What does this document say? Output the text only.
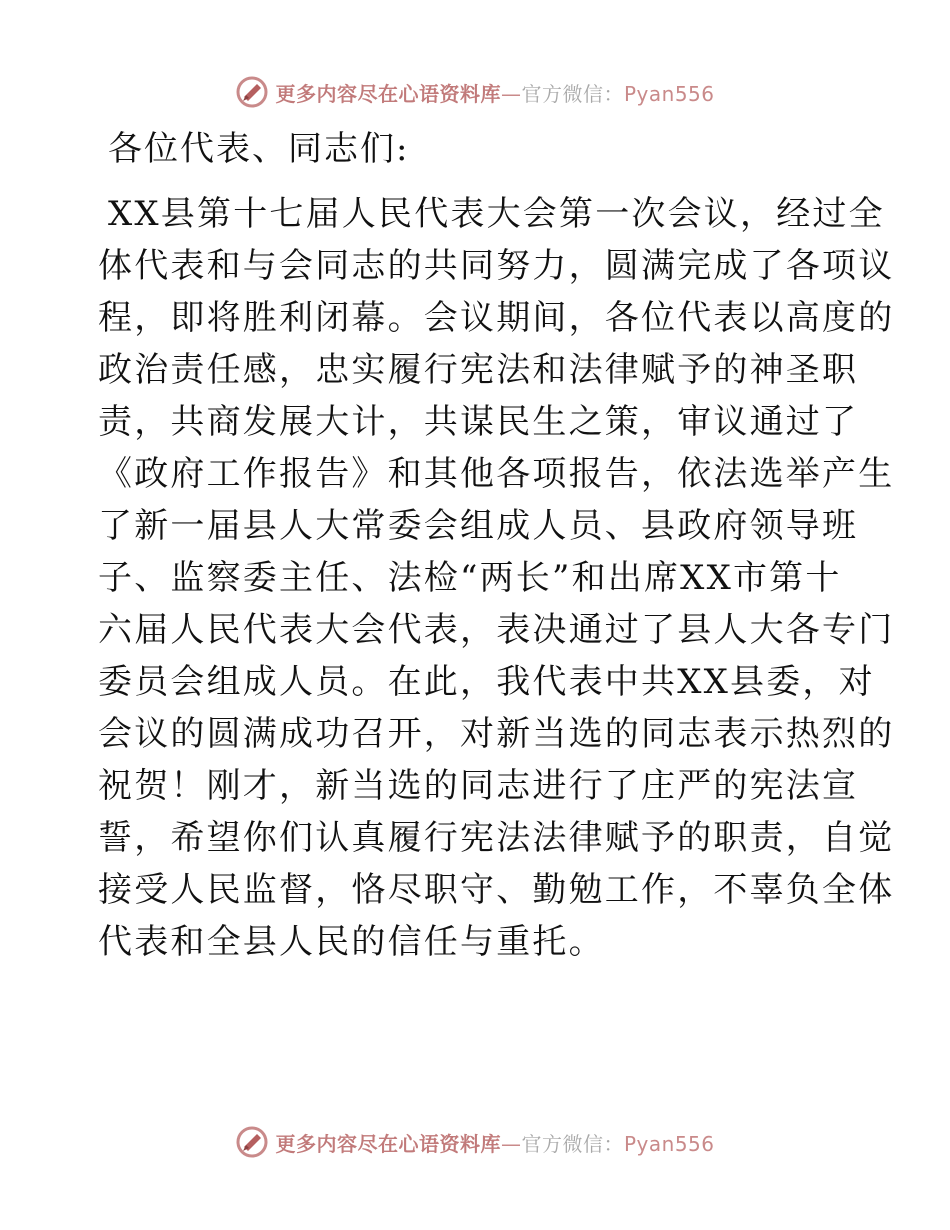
更多内容尽在心语资料库—官方微信：Pyan556
各位代表、同志们:
XX县第十七届人民代表大会第一次会议，经过全
体代表和与会同志的共同努力，圆满完成了各项议
程，即将胜利闭幕。会议期间，各位代表以高度的
政治责任感，忠实履行宪法和法律赋予的神圣职
责，共商发展大计，共谋民生之策，审议通过了
《政府工作报告》和其他各项报告，依法选举产生
了新一届县人大常委会组成人员、县政府领导班
子、监察委主任、法检“两长”和出席XX市第十
六届人民代表大会代表，表决通过了县人大各专门
委员会组成人员。在此，我代表中共XX县委，对
会议的圆满成功召开，对新当选的同志表示热烈的
祝贺！刚才，新当选的同志进行了庄严的宪法宣
誓，希望你们认真履行宪法法律赋予的职责，自觉
接受人民监督，恪尽职守、勤勉工作，不辜负全体
代表和全县人民的信任与重托。
更多内容尽在心语资料库—官方微信：Pyan556
